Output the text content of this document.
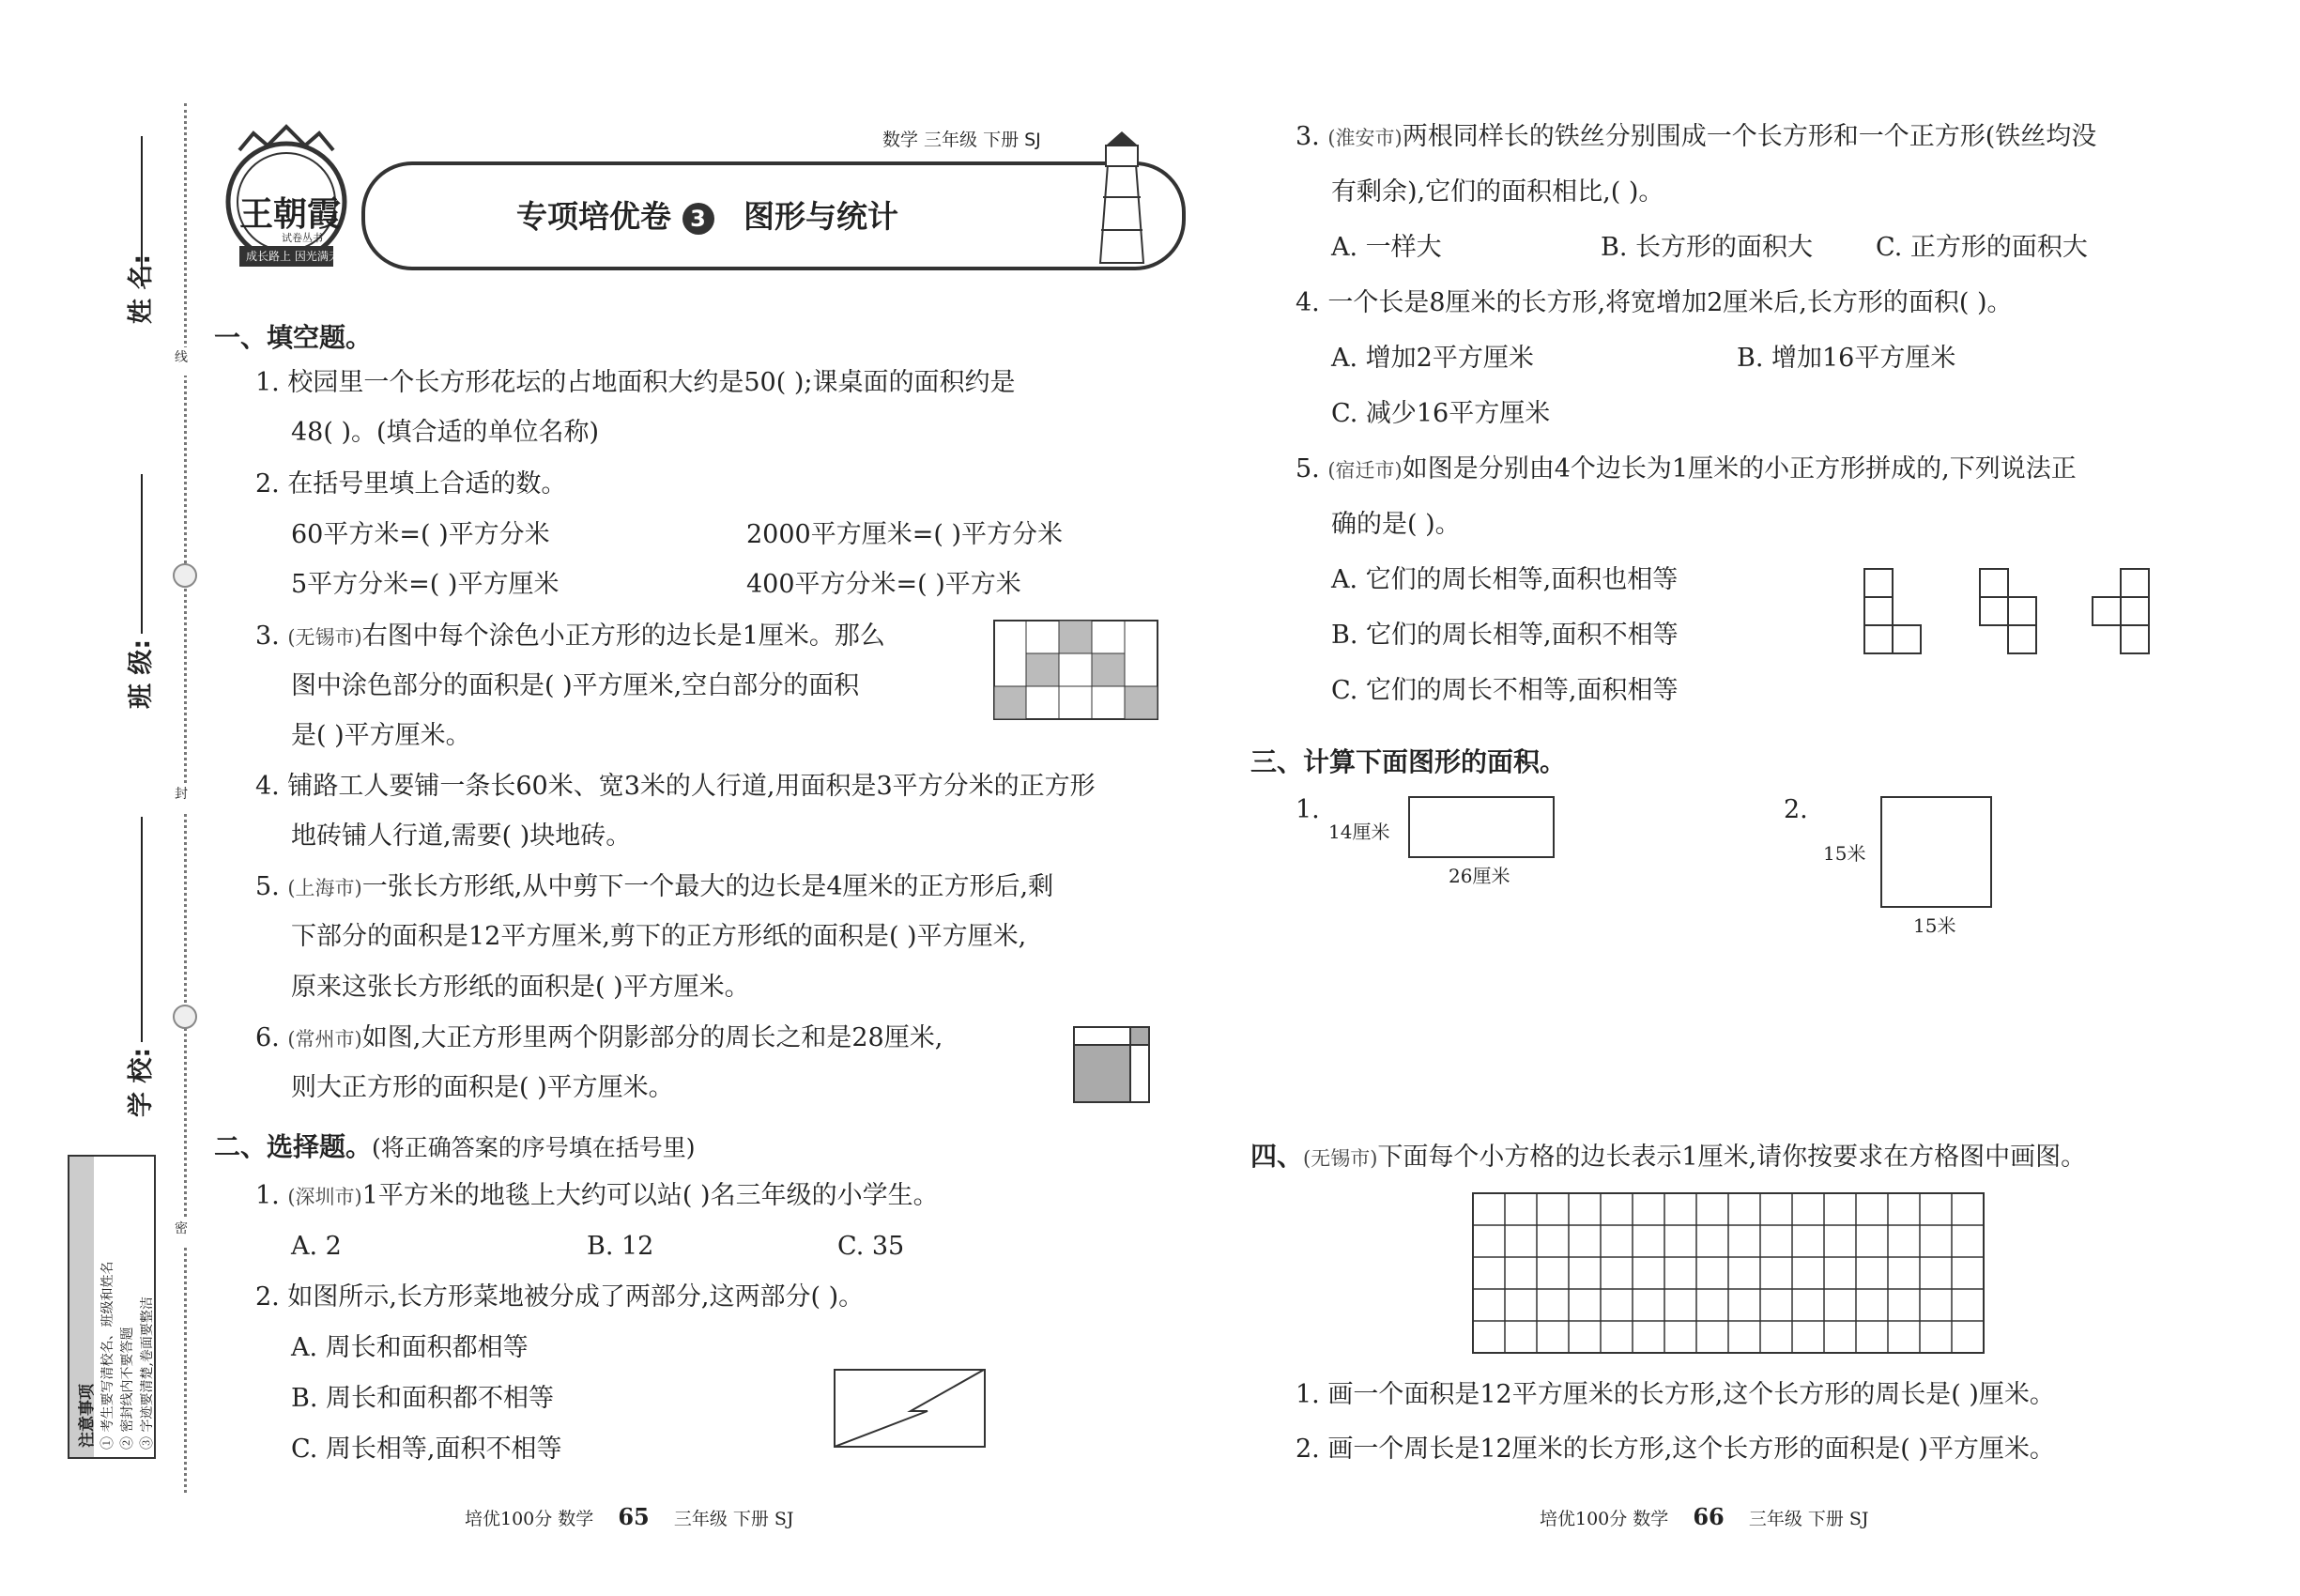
姓 名:
班 级:
学 校:
线
封
密
注意事项 ① 考生要写清校名、班级和姓名 ② 密封线内不要答题 ③ 字迹要清楚,卷面要整洁
王朝霞
试卷丛书
成长路上 因光满天
数学 三年级 下册 SJ
专项培优卷 3 图形与统计
一、填空题。
1. 校园里一个长方形花坛的占地面积大约是50( );课桌面的面积约是
48( )。(填合适的单位名称)
2. 在括号里填上合适的数。
60平方米=( )平方分米	2000平方厘米=( )平方分米
5平方分米=( )平方厘米	400平方分米=( )平方米
3. (无锡市)右图中每个涂色小正方形的边长是1厘米。那么
图中涂色部分的面积是( )平方厘米,空白部分的面积
是( )平方厘米。
4. 铺路工人要铺一条长60米、宽3米的人行道,用面积是3平方分米的正方形
地砖铺人行道,需要( )块地砖。
5. (上海市)一张长方形纸,从中剪下一个最大的边长是4厘米的正方形后,剩
下部分的面积是12平方厘米,剪下的正方形纸的面积是( )平方厘米,
原来这张长方形纸的面积是( )平方厘米。
6. (常州市)如图,大正方形里两个阴影部分的周长之和是28厘米,
则大正方形的面积是( )平方厘米。
二、选择题。(将正确答案的序号填在括号里)
1. (深圳市)1平方米的地毯上大约可以站( )名三年级的小学生。
A. 2	B. 12	C. 35
2. 如图所示,长方形菜地被分成了两部分,这两部分( )。
A. 周长和面积都相等
B. 周长和面积都不相等
C. 周长相等,面积不相等
3. (淮安市)两根同样长的铁丝分别围成一个长方形和一个正方形(铁丝均没
有剩余),它们的面积相比,( )。
A. 一样大	B. 长方形的面积大 C. 正方形的面积大
4. 一个长是8厘米的长方形,将宽增加2厘米后,长方形的面积( )。
A. 增加2平方厘米	B. 增加16平方厘米
C. 减少16平方厘米
5. (宿迁市)如图是分别由4个边长为1厘米的小正方形拼成的,下列说法正
确的是( )。
A. 它们的周长相等,面积也相等
B. 它们的周长相等,面积不相等
C. 它们的周长不相等,面积相等
三、计算下面图形的面积。
1.
14厘米
26厘米
2.
15米
15米
四、(无锡市)下面每个小方格的边长表示1厘米,请你按要求在方格图中画图。
1. 画一个面积是12平方厘米的长方形,这个长方形的周长是( )厘米。
2. 画一个周长是12厘米的长方形,这个长方形的面积是( )平方厘米。
培优100分 数学 65 三年级 下册 SJ	培优100分 数学 66 三年级 下册 SJ
